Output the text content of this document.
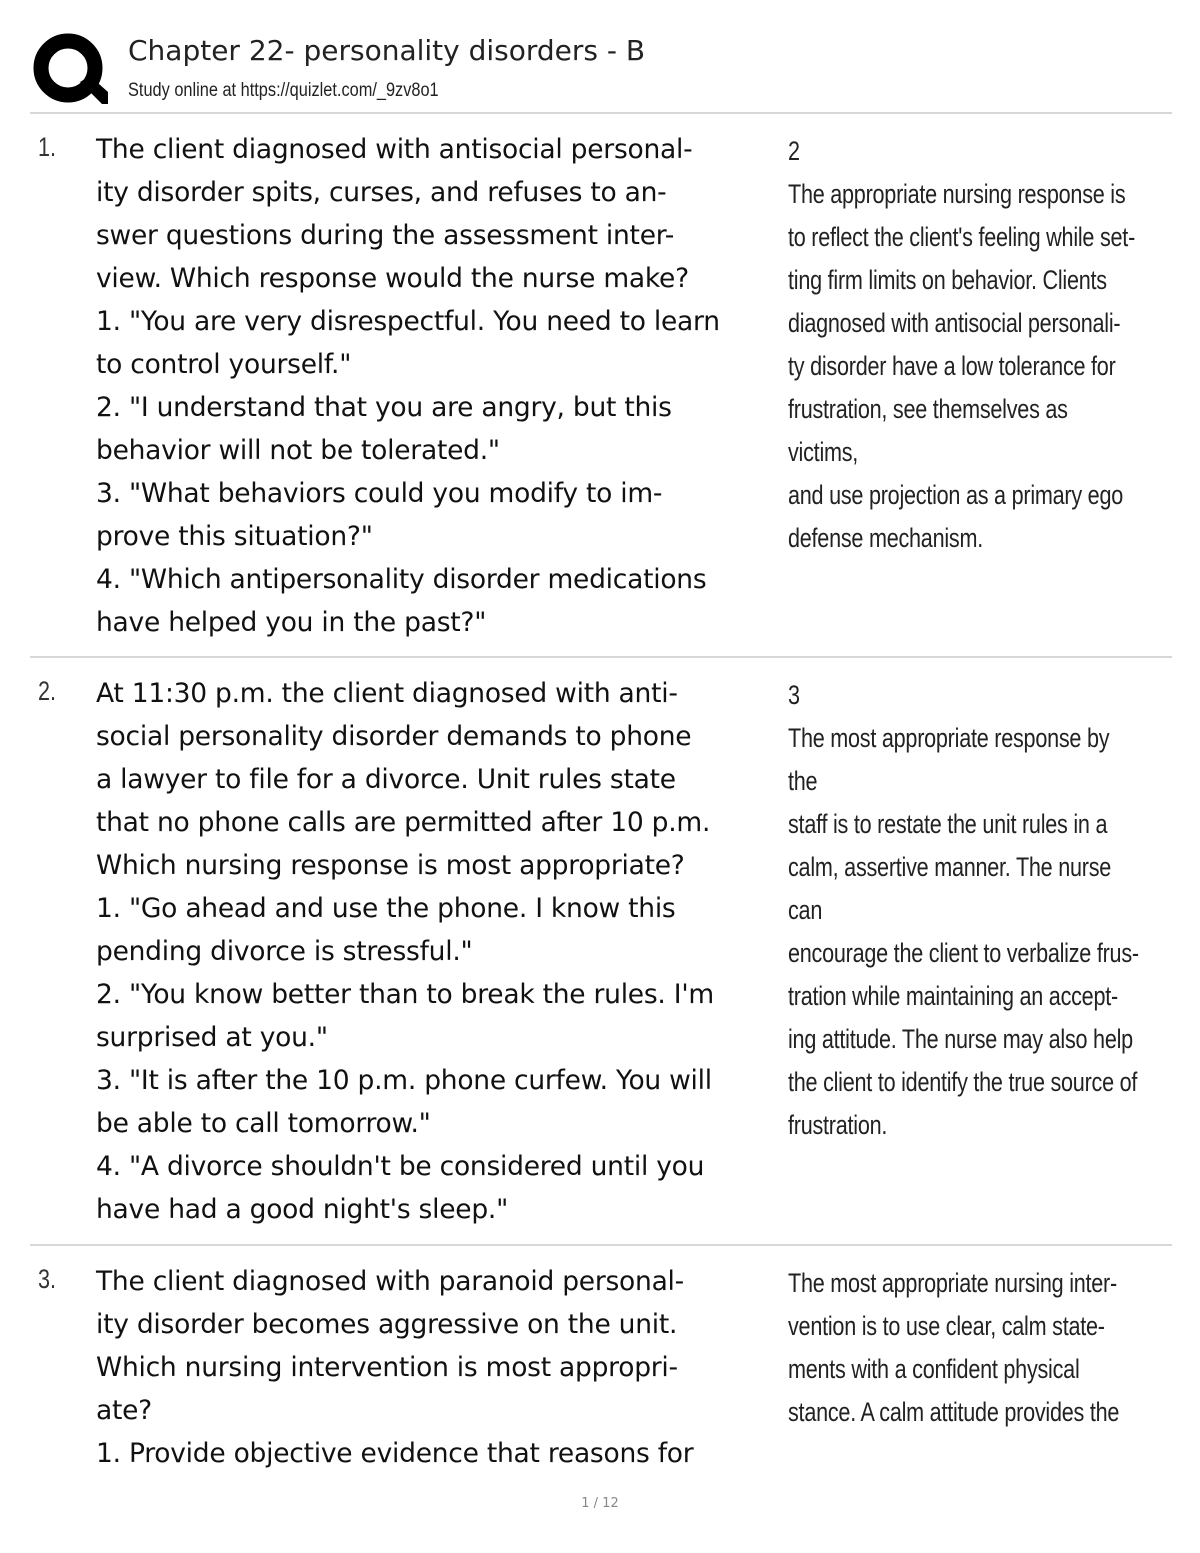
Chapter 22- personality disorders - B
Study online at https://quizlet.com/_9zv8o1
1. The client diagnosed with antisocial personal-
ity disorder spits, curses, and refuses to an-
swer questions during the assessment inter-
view. Which response would the nurse make?
1. "You are very disrespectful. You need to learn
to control yourself."
2. "I understand that you are angry, but this
behavior will not be tolerated."
3. "What behaviors could you modify to im-
prove this situation?"
4. "Which antipersonality disorder medications
have helped you in the past?"
2
The appropriate nursing response is
to reflect the client's feeling while set-
ting firm limits on behavior. Clients
diagnosed with antisocial personali-
ty disorder have a low tolerance for
frustration, see themselves as victims,
and use projection as a primary ego
defense mechanism.
2. At 11:30 p.m. the client diagnosed with anti-
social personality disorder demands to phone
a lawyer to file for a divorce. Unit rules state
that no phone calls are permitted after 10 p.m.
Which nursing response is most appropriate?
1. "Go ahead and use the phone. I know this
pending divorce is stressful."
2. "You know better than to break the rules. I'm
surprised at you."
3. "It is after the 10 p.m. phone curfew. You will
be able to call tomorrow."
4. "A divorce shouldn't be considered until you
have had a good night's sleep."
3
The most appropriate response by the
staff is to restate the unit rules in a
calm, assertive manner. The nurse can
encourage the client to verbalize frus-
tration while maintaining an accept-
ing attitude. The nurse may also help
the client to identify the true source of
frustration.
3. The client diagnosed with paranoid personal-
ity disorder becomes aggressive on the unit.
Which nursing intervention is most appropri-
ate?
1. Provide objective evidence that reasons for
The most appropriate nursing inter-
vention is to use clear, calm state-
ments with a confident physical
stance. A calm attitude provides the
1 / 12
